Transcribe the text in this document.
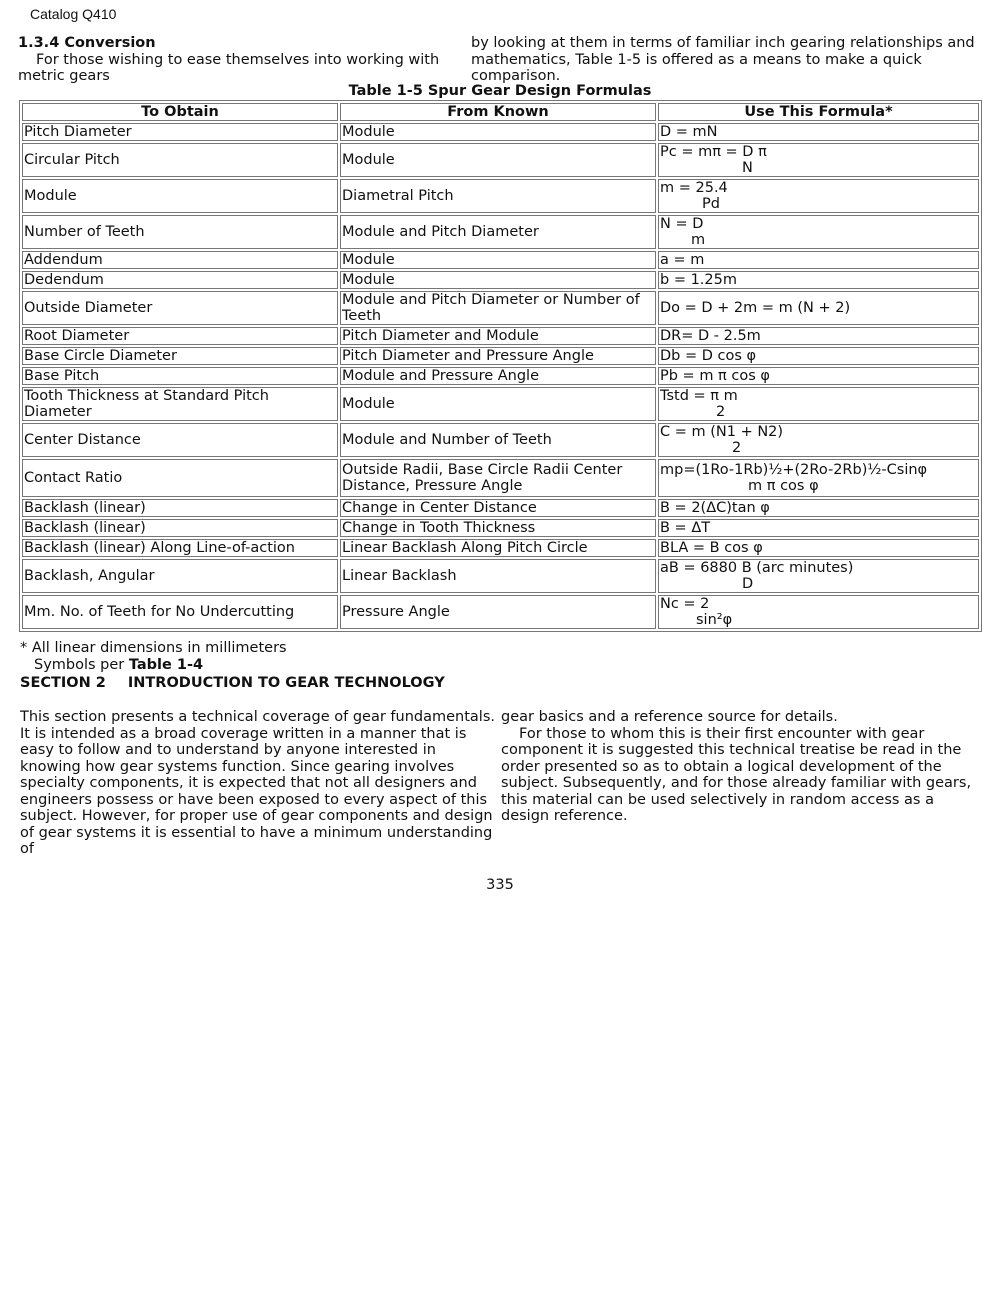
Catalog Q410

1.3.4 Conversion

For those wishing to ease themselves into working with metric gears

by looking at them in terms of familiar inch gearing relationships and mathematics, Table 1-5 is offered as a means to make a quick comparison.

Table 1-5 Spur Gear Design Formulas
To Obtain	From Known	Use This Formula*
Pitch Diameter	Module	D = mN
Circular Pitch	Module	Pc = mπ = D π
N

Module	Diametral Pitch	m = 25.4
Pd

Number of Teeth	Module and Pitch Diameter	N = D
m

Addendum	Module	a = m
Dedendum	Module	b = 1.25m
Outside Diameter	Module and Pitch Diameter or Number of Teeth	Do = D + 2m = m (N + 2)
Root Diameter	Pitch Diameter and Module	DR= D - 2.5m
Base Circle Diameter	Pitch Diameter and Pressure Angle	Db = D cos φ
Base Pitch	Module and Pressure Angle	Pb = m π cos φ
Tooth Thickness at Standard Pitch Diameter	Module	Tstd = π m
2

Center Distance	Module and Number of Teeth	C = m (N1 + N2)
2

Contact Ratio	Outside Radii, Base Circle Radii Center Distance, Pressure Angle	mp=(1Ro-1Rb)½+(2Ro-2Rb)½-Csinφ
m π cos φ

Backlash (linear)	Change in Center Distance	B = 2(ΔC)tan φ
Backlash (linear)	Change in Tooth Thickness	B = ΔT
Backlash (linear) Along Line-of-action	Linear Backlash Along Pitch Circle	BLA = B cos φ
Backlash, Angular	Linear Backlash	aB = 6880 B (arc minutes)
D

Mm. No. of Teeth for No Undercutting	Pressure Angle	Nc = 2
sin²φ
* All linear dimensions in millimeters
Symbols per Table 1-4
SECTION 2 INTRODUCTION TO GEAR TECHNOLOGY

This section presents a technical coverage of gear fundamentals. It is intended as a broad coverage written in a manner that is easy to follow and to understand by anyone interested in knowing how gear systems function. Since gearing involves specialty components, it is expected that not all designers and engineers possess or have been exposed to every aspect of this subject. However, for proper use of gear components and design of gear systems it is essential to have a minimum understanding of

gear basics and a reference source for details.

For those to whom this is their first encounter with gear component it is suggested this technical treatise be read in the order presented so as to obtain a logical development of the subject. Subsequently, and for those already familiar with gears, this material can be used selectively in random access as a design reference.

335
